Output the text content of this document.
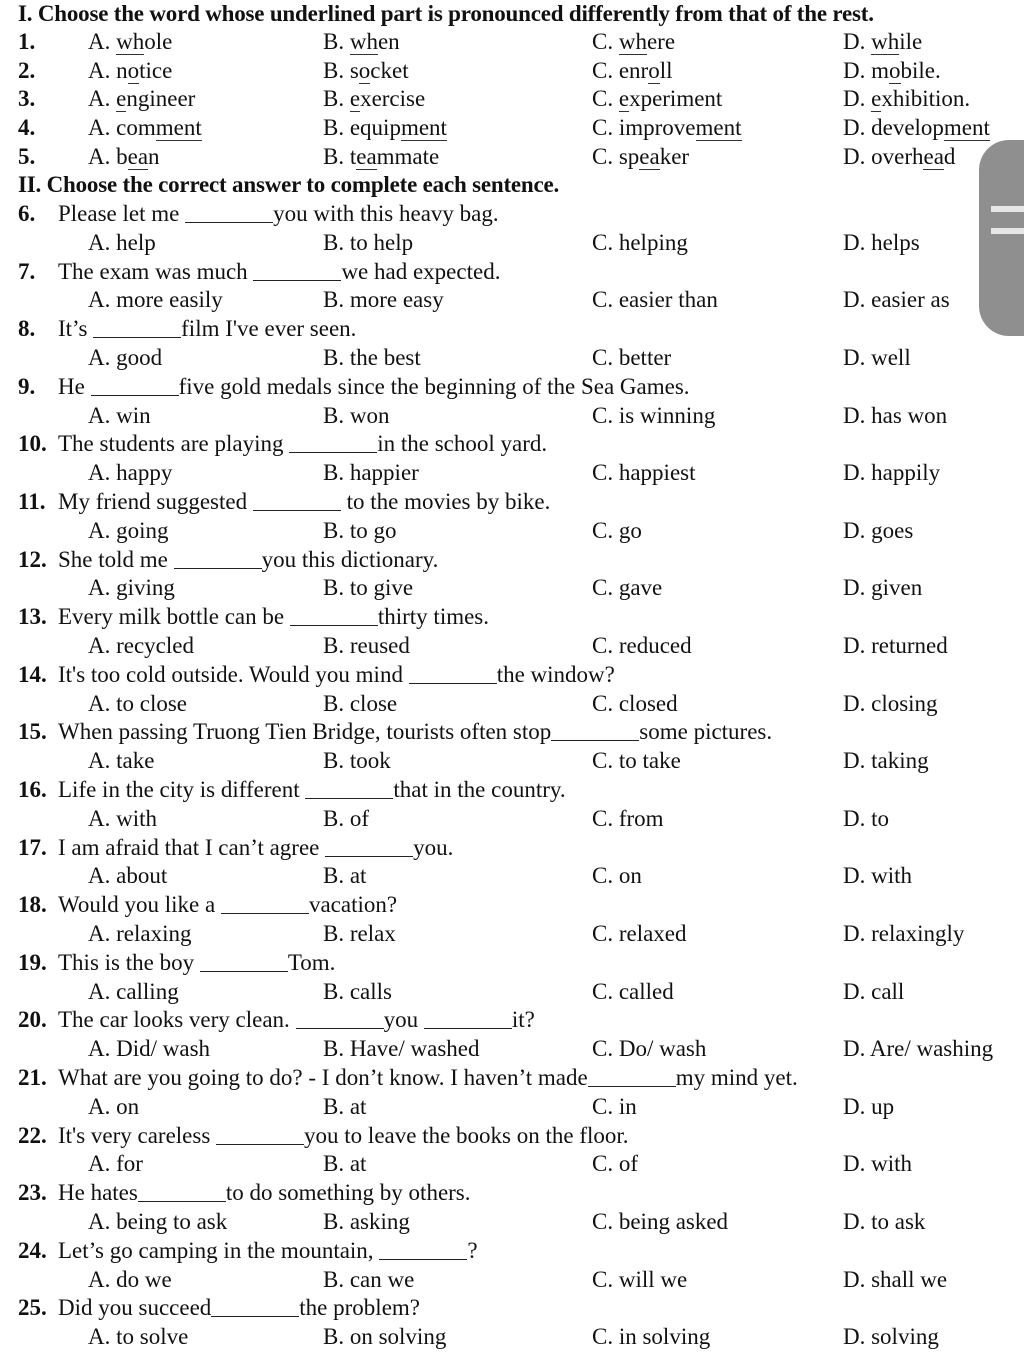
I. Choose the word whose underlined part is pronounced differently from that of the rest.
1. A. whole	B. when	C. where	D. while
2. A. notice	B. socket	C. enroll	D. mobile.
3. A. engineer	B. exercise	C. experiment	D. exhibition.
4. A. comment	B. equipment	C. improvement	D. development
5. A. bean	B. teammate	C. speaker	D. overhead
II. Choose the correct answer to complete each sentence.
6. Please let me	you with this heavy bag.
A. help	B. to help	C. helping	D. helps
7. The exam was much	we had expected.
A. more easily	B. more easy	C. easier than	D. easier as
8. It’s	film I've ever seen.
A. good	B. the best	C. better	D. well
9. He	five gold medals since the beginning of the Sea Games.
A. win	B. won	C. is winning	D. has won
10. The students are playing	in the school yard.
A. happy	B. happier	C. happiest	D. happily
11. My friend suggested	to the movies by bike.
A. going	B. to go	C. go	D. goes
12. She told me	you this dictionary.
A. giving	B. to give	C. gave	D. given
13. Every milk bottle can be	thirty times.
A. recycled	B. reused	C. reduced	D. returned
14. It's too cold outside. Would you mind	the window?
A. to close	B. close	C. closed	D. closing
15. When passing Truong Tien Bridge, tourists often stop	some pictures.
A. take	B. took	C. to take	D. taking
16. Life in the city is different	that in the country.
A. with	B. of	C. from	D. to
17. I am afraid that I can’t agree	you.
A. about	B. at	C. on	D. with
18. Would you like a	vacation?
A. relaxing	B. relax	C. relaxed	D. relaxingly
19. This is the boy	Tom.
A. calling	B. calls	C. called	D. call
20. The car looks very clean.	you	it?
A. Did/ wash	B. Have/ washed	C. Do/ wash	D. Are/ washing
21. What are you going to do? - I don’t know. I haven’t made	my mind yet.
A. on	B. at	C. in	D. up
22. It's very careless	you to leave the books on the floor.
A. for	B. at	C. of	D. with
23. He hates	to do something by others.
A. being to ask	B. asking	C. being asked	D. to ask
24. Let’s go camping in the mountain,	?
A. do we	B. can we	C. will we	D. shall we
25. Did you succeed	the problem?
A. to solve	B. on solving	C. in solving	D. solving
